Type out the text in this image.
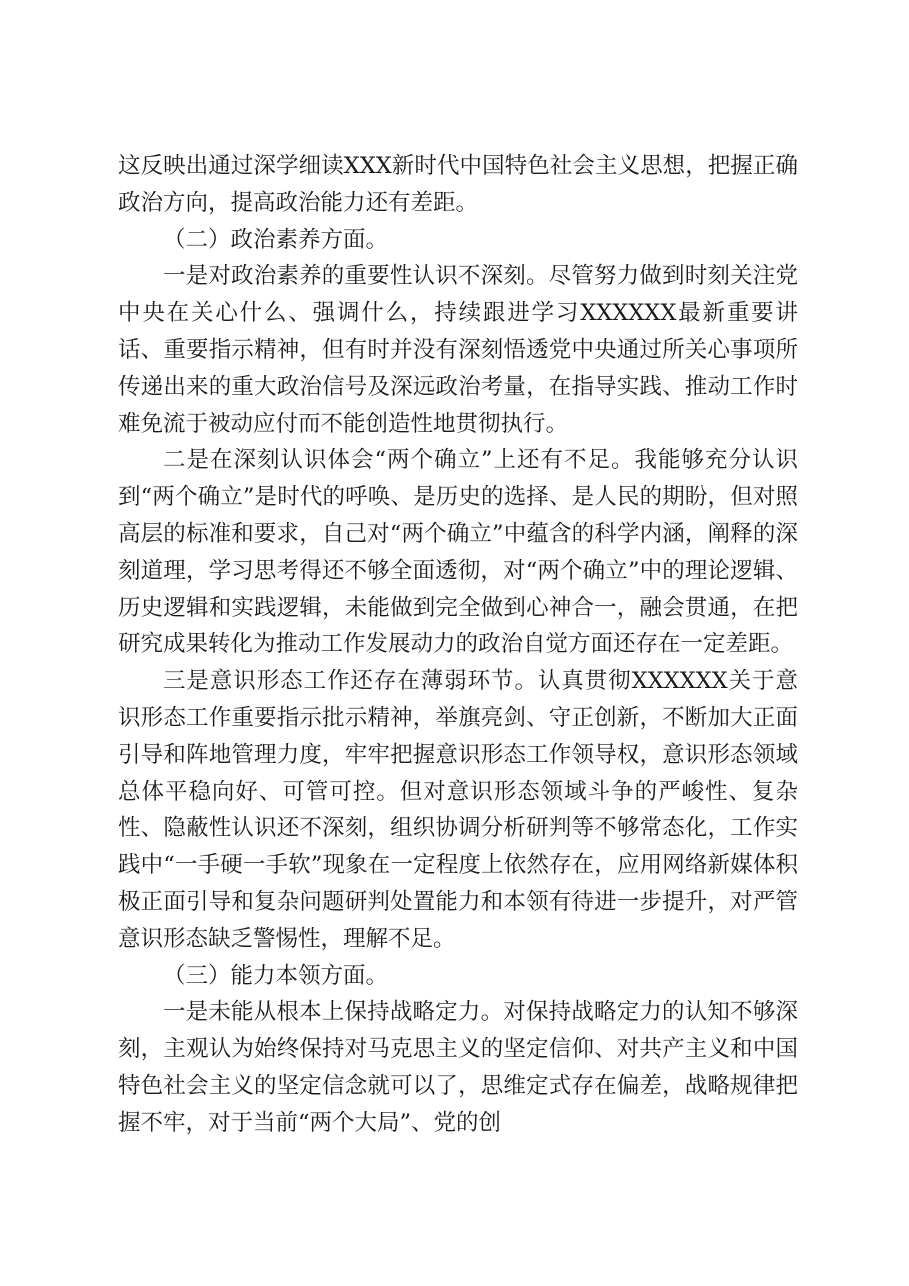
这反映出通过深学细读XXX新时代中国特色社会主义思想，把握正确政治方向，提高政治能力还有差距。

（二）政治素养方面。

一是对政治素养的重要性认识不深刻。尽管努力做到时刻关注党中央在关心什么、强调什么，持续跟进学习XXXXXX最新重要讲话、重要指示精神，但有时并没有深刻悟透党中央通过所关心事项所传递出来的重大政治信号及深远政治考量，在指导实践、推动工作时难免流于被动应付而不能创造性地贯彻执行。

二是在深刻认识体会“两个确立”上还有不足。我能够充分认识到“两个确立”是时代的呼唤、是历史的选择、是人民的期盼，但对照高层的标准和要求，自己对“两个确立”中蕴含的科学内涵，阐释的深刻道理，学习思考得还不够全面透彻，对“两个确立”中的理论逻辑、历史逻辑和实践逻辑，未能做到完全做到心神合一，融会贯通，在把研究成果转化为推动工作发展动力的政治自觉方面还存在一定差距。

三是意识形态工作还存在薄弱环节。认真贯彻XXXXXX关于意识形态工作重要指示批示精神，举旗亮剑、守正创新，不断加大正面引导和阵地管理力度，牢牢把握意识形态工作领导权，意识形态领域总体平稳向好、可管可控。但对意识形态领域斗争的严峻性、复杂性、隐蔽性认识还不深刻，组织协调分析研判等不够常态化，工作实践中“一手硬一手软”现象在一定程度上依然存在，应用网络新媒体积极正面引导和复杂问题研判处置能力和本领有待进一步提升，对严管意识形态缺乏警惕性，理解不足。

（三）能力本领方面。

一是未能从根本上保持战略定力。对保持战略定力的认知不够深刻，主观认为始终保持对马克思主义的坚定信仰、对共产主义和中国特色社会主义的坚定信念就可以了，思维定式存在偏差，战略规律把握不牢，对于当前“两个大局”、党的创
